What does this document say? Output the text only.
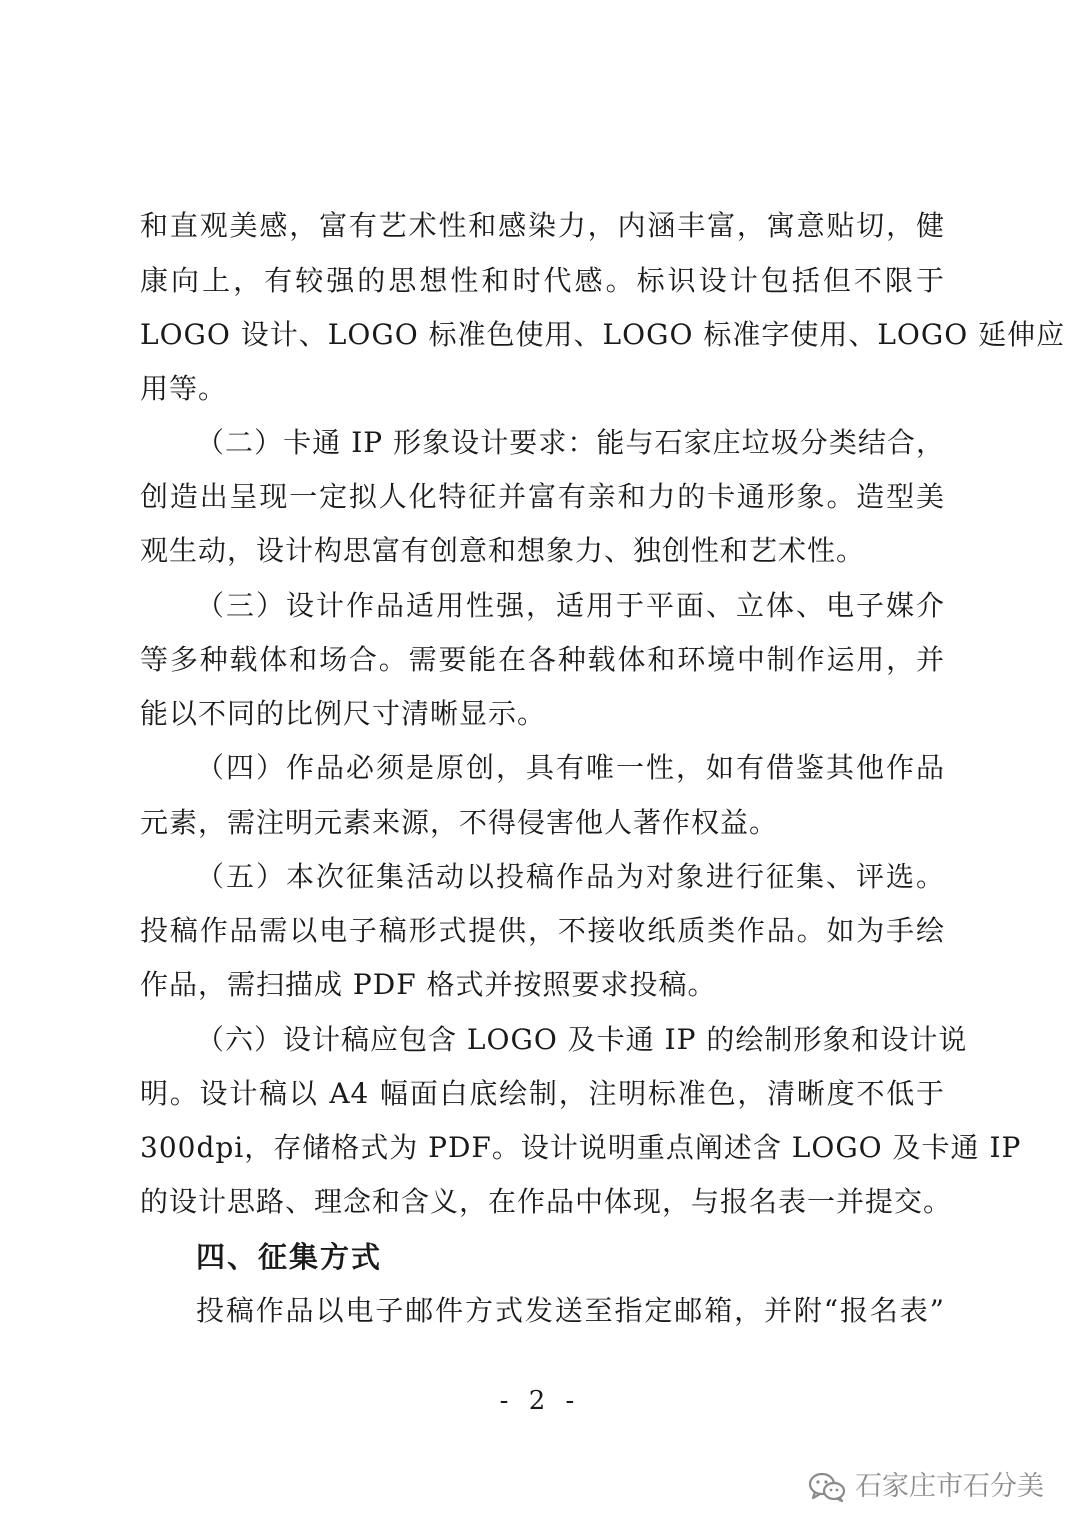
和直观美感，富有艺术性和感染力，内涵丰富，寓意贴切，健
康向上，有较强的思想性和时代感。标识设计包括但不限于
LOGO 设计、LOGO 标准色使用、LOGO 标准字使用、LOGO 延伸应
用等。
（二）卡通 IP 形象设计要求：能与石家庄垃圾分类结合，
创造出呈现一定拟人化特征并富有亲和力的卡通形象。造型美
观生动，设计构思富有创意和想象力、独创性和艺术性。
（三）设计作品适用性强，适用于平面、立体、电子媒介
等多种载体和场合。需要能在各种载体和环境中制作运用，并
能以不同的比例尺寸清晰显示。
（四）作品必须是原创，具有唯一性，如有借鉴其他作品
元素，需注明元素来源，不得侵害他人著作权益。
（五）本次征集活动以投稿作品为对象进行征集、评选。
投稿作品需以电子稿形式提供，不接收纸质类作品。如为手绘
作品，需扫描成 PDF 格式并按照要求投稿。
（六）设计稿应包含 LOGO 及卡通 IP 的绘制形象和设计说
明。设计稿以 A4 幅面白底绘制，注明标准色，清晰度不低于
300dpi，存储格式为 PDF。设计说明重点阐述含 LOGO 及卡通 IP
的设计思路、理念和含义，在作品中体现，与报名表一并提交。
四、征集方式
投稿作品以电子邮件方式发送至指定邮箱，并附“报名表”
- 2 -
石家庄市石分美
